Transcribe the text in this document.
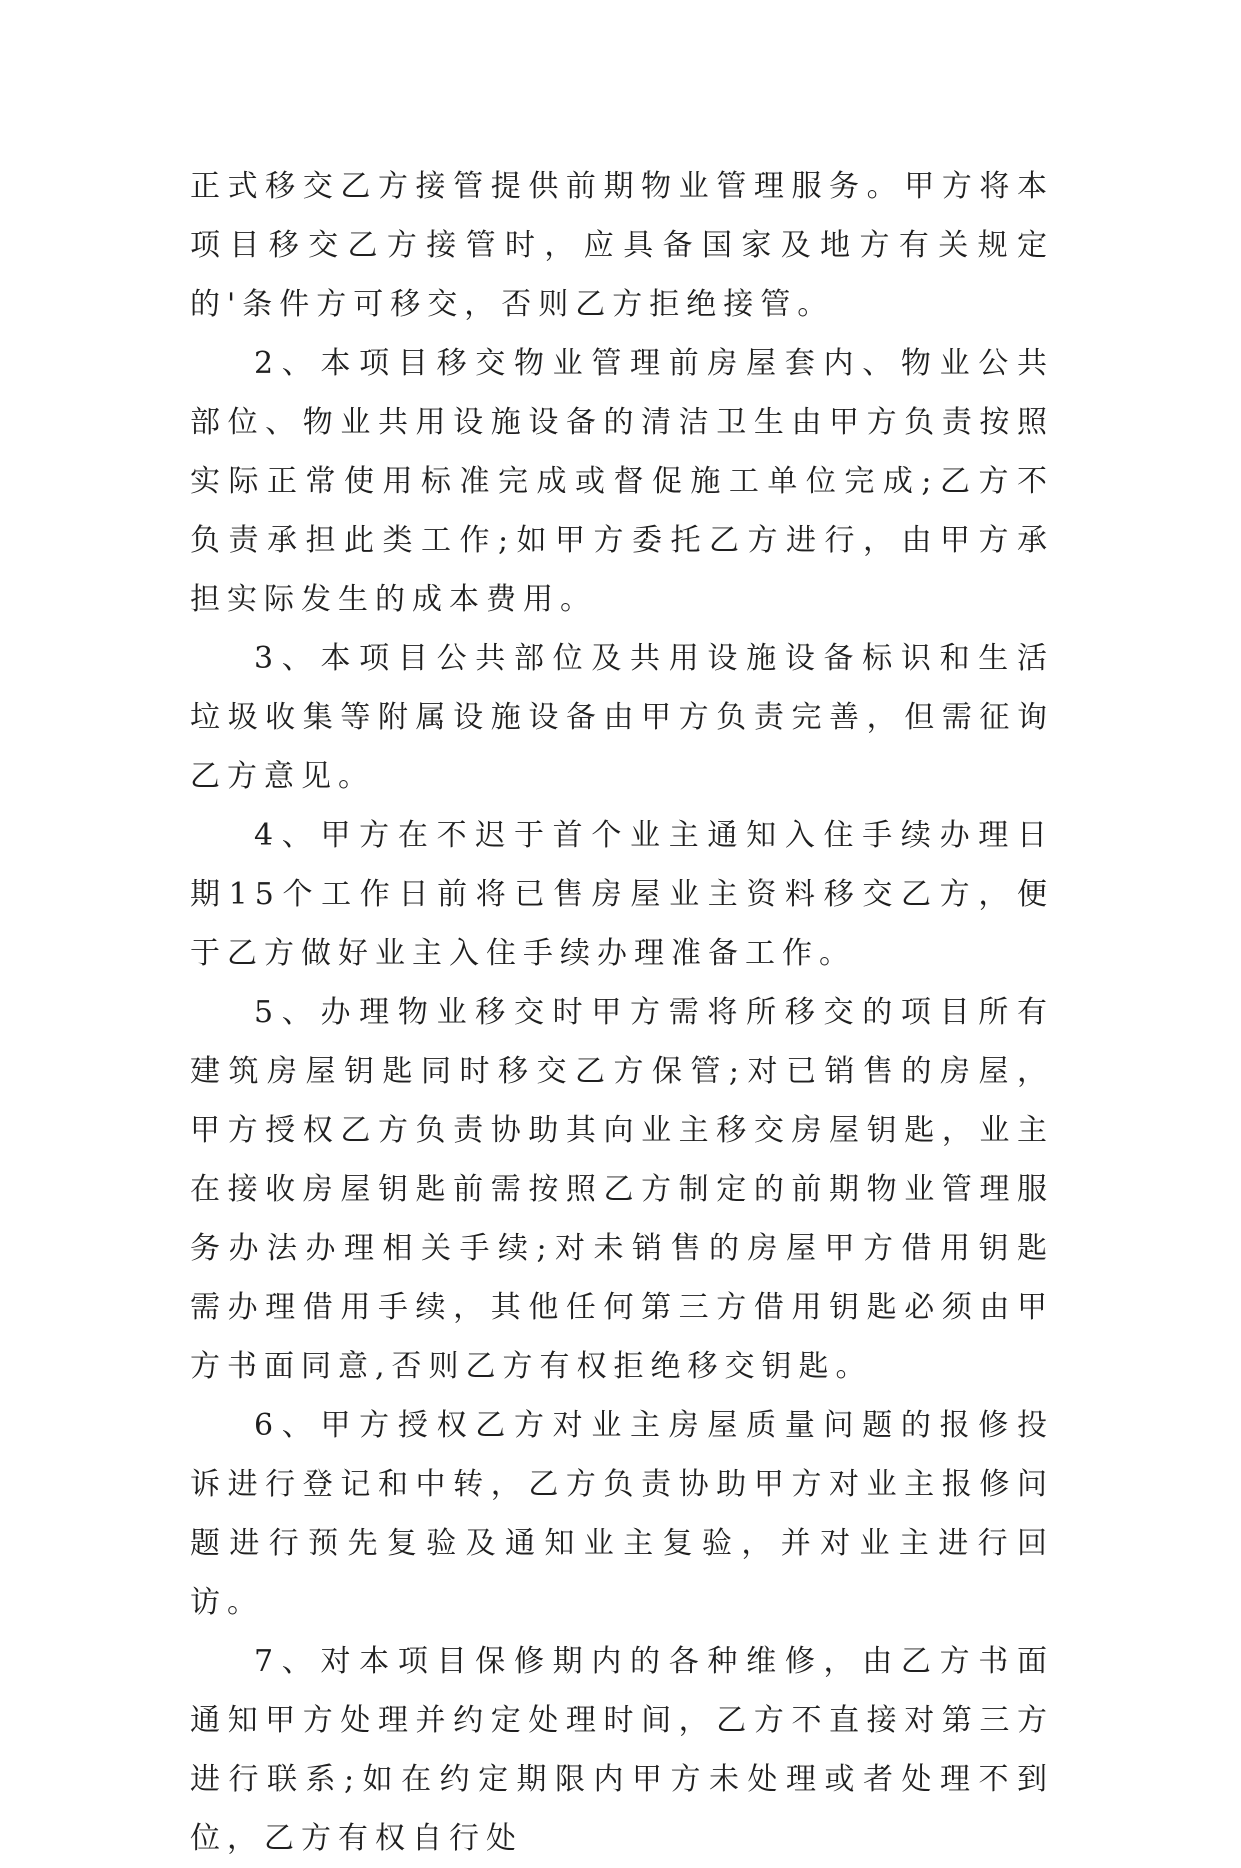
正式移交乙方接管提供前期物业管理服务。甲方将本项目移交乙方接管时，应具备国家及地方有关规定的'条件方可移交，否则乙方拒绝接管。

2、本项目移交物业管理前房屋套内、物业公共部位、物业共用设施设备的清洁卫生由甲方负责按照实际正常使用标准完成或督促施工单位完成;乙方不负责承担此类工作;如甲方委托乙方进行，由甲方承担实际发生的成本费用。

3、本项目公共部位及共用设施设备标识和生活垃圾收集等附属设施设备由甲方负责完善，但需征询乙方意见。

4、甲方在不迟于首个业主通知入住手续办理日期15个工作日前将已售房屋业主资料移交乙方，便于乙方做好业主入住手续办理准备工作。

5、办理物业移交时甲方需将所移交的项目所有建筑房屋钥匙同时移交乙方保管;对已销售的房屋，甲方授权乙方负责协助其向业主移交房屋钥匙，业主在接收房屋钥匙前需按照乙方制定的前期物业管理服务办法办理相关手续;对未销售的房屋甲方借用钥匙需办理借用手续，其他任何第三方借用钥匙必须由甲方书面同意,否则乙方有权拒绝移交钥匙。

6、甲方授权乙方对业主房屋质量问题的报修投诉进行登记和中转，乙方负责协助甲方对业主报修问题进行预先复验及通知业主复验，并对业主进行回访。

7、对本项目保修期内的各种维修，由乙方书面通知甲方处理并约定处理时间，乙方不直接对第三方进行联系;如在约定期限内甲方未处理或者处理不到位，乙方有权自行处
